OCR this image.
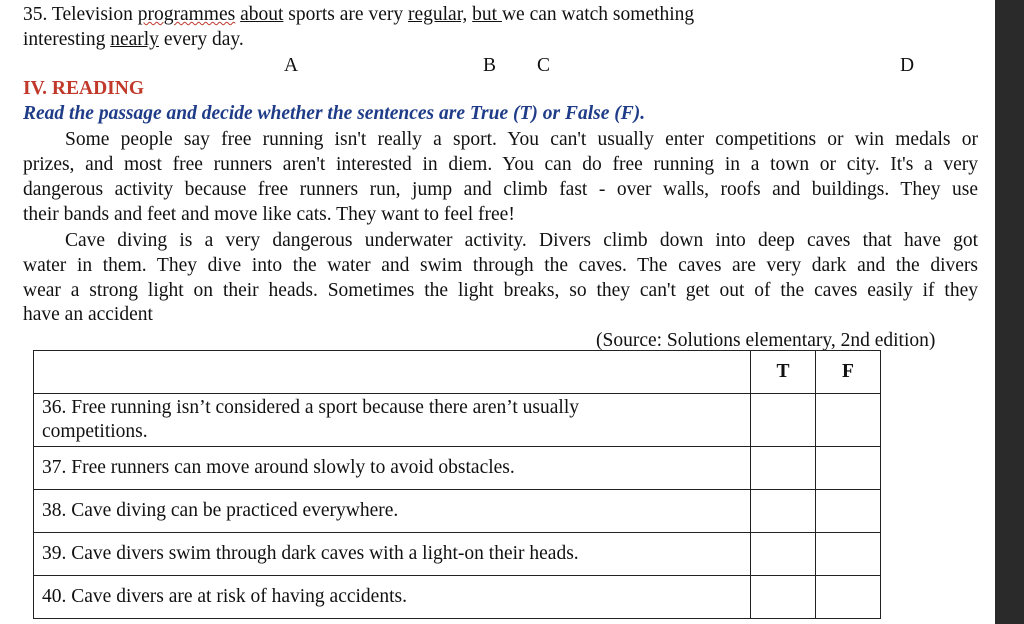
35. Television programmes about sports are very regular, but we can watch something
interesting nearly every day.
A	B C	D
IV. READING
Read the passage and decide whether the sentences are True (T) or False (F).
Some people say free running isn't really a sport. You can't usually enter competitions or win medals or
prizes, and most free runners aren't interested in diem. You can do free running in a town or city. It's a very
dangerous activity because free runners run, jump and climb fast - over walls, roofs and buildings. They use
their bands and feet and move like cats. They want to feel free!
Cave diving is a very dangerous underwater activity. Divers climb down into deep caves that have got
water in them. They dive into the water and swim through the caves. The caves are very dark and the divers
wear a strong light on their heads. Sometimes the light breaks, so they can't get out of the caves easily if they
have an accident
(Source: Solutions elementary, 2nd edition)
	T	F

36. Free running isn’t considered a sport because there aren’t usually
competitions.		

37. Free runners can move around slowly to avoid obstacles.		
38. Cave diving can be practiced everywhere.		
39. Cave divers swim through dark caves with a light-on their heads.		
40. Cave divers are at risk of having accidents.		
